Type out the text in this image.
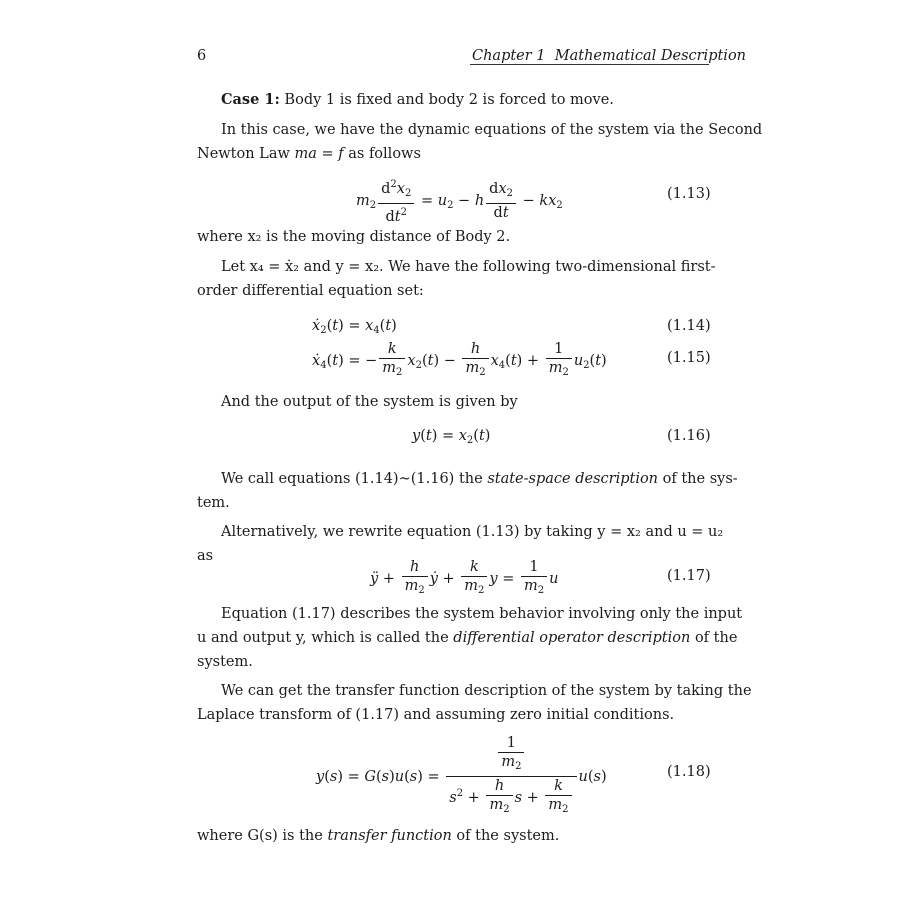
6	Chapter 1  Mathematical Description
Case 1: Body 1 is fixed and body 2 is forced to move.
In this case, we have the dynamic equations of the system via the Second
Newton Law ma = f as follows
$m_2 \frac{d^2x_2}{dt^2} = u_2 - h \frac{dx_2}{dt} - kx_2$
(1.13)
where x₂ is the moving distance of Body 2.
Let x₄ = ẋ₂ and y = x₂. We have the following two-dimensional first-
order differential equation set:
ẋ$_2$(t) = $x_4(t)$	(1.14)
ẋ$_4$(t) = − $\frac{k}{m_2} x_2(t) - \frac{h}{m_2} x_4(t) + \frac{1}{m_2} u_2(t)$	(1.15)
And the output of the system is given by
$y(t) = x_2(t)$	(1.16)
We call equations (1.14)~(1.16) the state-space description of the sys-
tem.
Alternatively, we rewrite equation (1.13) by taking y = x₂ and u = u₂
as
ÿ + $\frac{h}{m_2}$ ẏ + $\frac{k}{m_2}$ $y = \frac{1}{m_2}$ u	(1.17)
Equation (1.17) describes the system behavior involving only the input
u and output y, which is called the differential operator description of the
system.
We can get the transfer function description of the system by taking the
Laplace transform of (1.17) and assuming zero initial conditions.
$y(s) = G(s)u(s) = \frac{\frac{1}{m_2}}{s^2 + \frac{h}{m_2} s + \frac{k}{m_2}} u(s)$	(1.18)
where G(s) is the transfer function of the system.
